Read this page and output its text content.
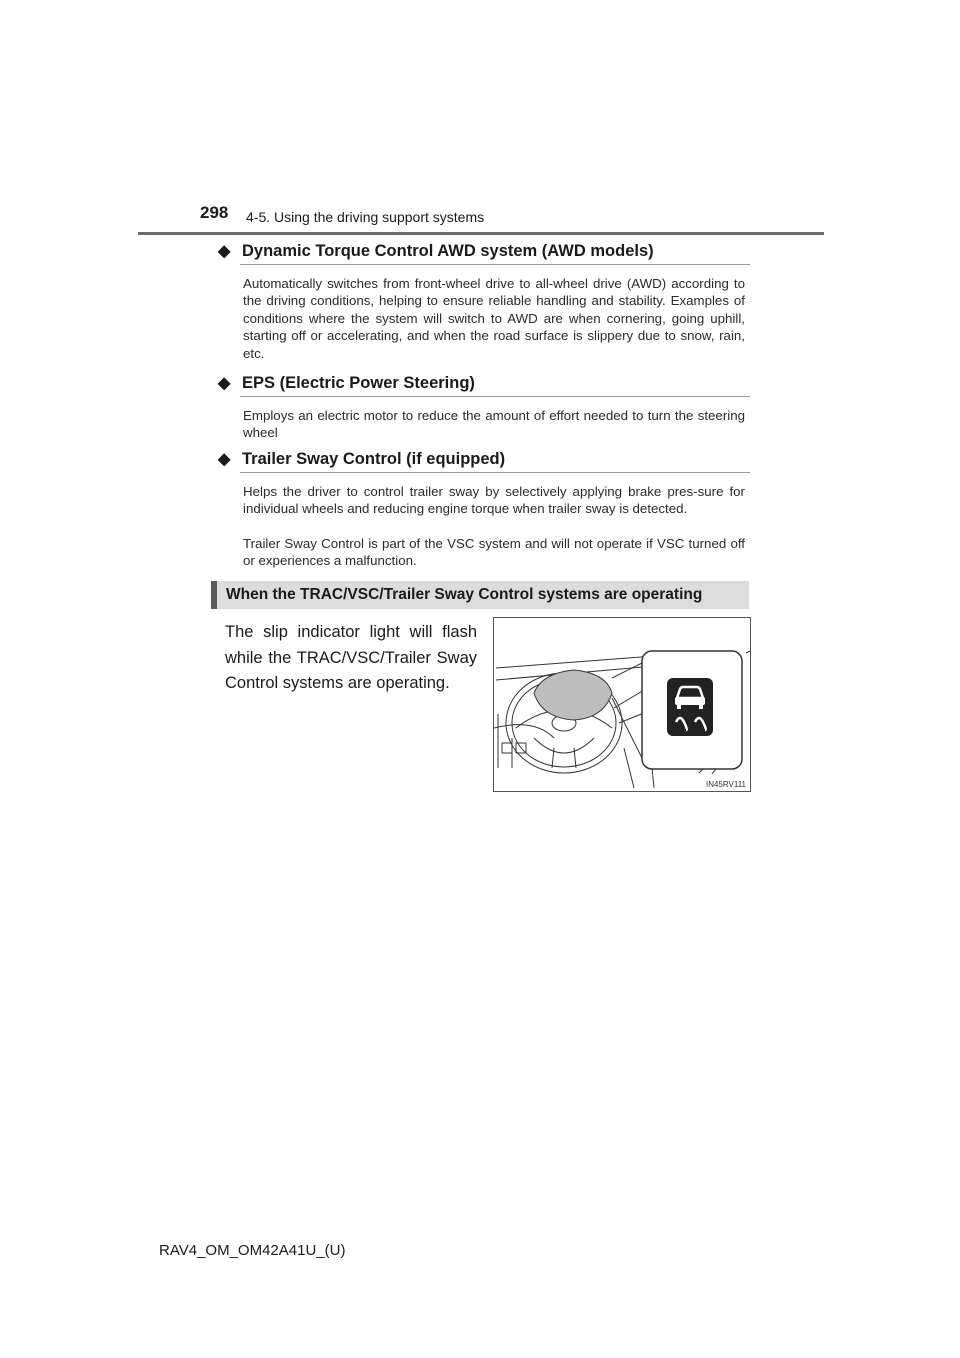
298 4-5. Using the driving support systems
◆ Dynamic Torque Control AWD system (AWD models)
Automatically switches from front-wheel drive to all-wheel drive (AWD) according to the driving conditions, helping to ensure reliable handling and stability. Examples of conditions where the system will switch to AWD are when cornering, going uphill, starting off or accelerating, and when the road surface is slippery due to snow, rain, etc.
◆ EPS (Electric Power Steering)
Employs an electric motor to reduce the amount of effort needed to turn the steering wheel
◆ Trailer Sway Control (if equipped)
Helps the driver to control trailer sway by selectively applying brake pres-sure for individual wheels and reducing engine torque when trailer sway is detected.
Trailer Sway Control is part of the VSC system and will not operate if VSC turned off or experiences a malfunction.
When the TRAC/VSC/Trailer Sway Control systems are operating
The slip indicator light will flash while the TRAC/VSC/Trailer Sway Control systems are operating.
IN45RV111
RAV4_OM_OM42A41U_(U)
